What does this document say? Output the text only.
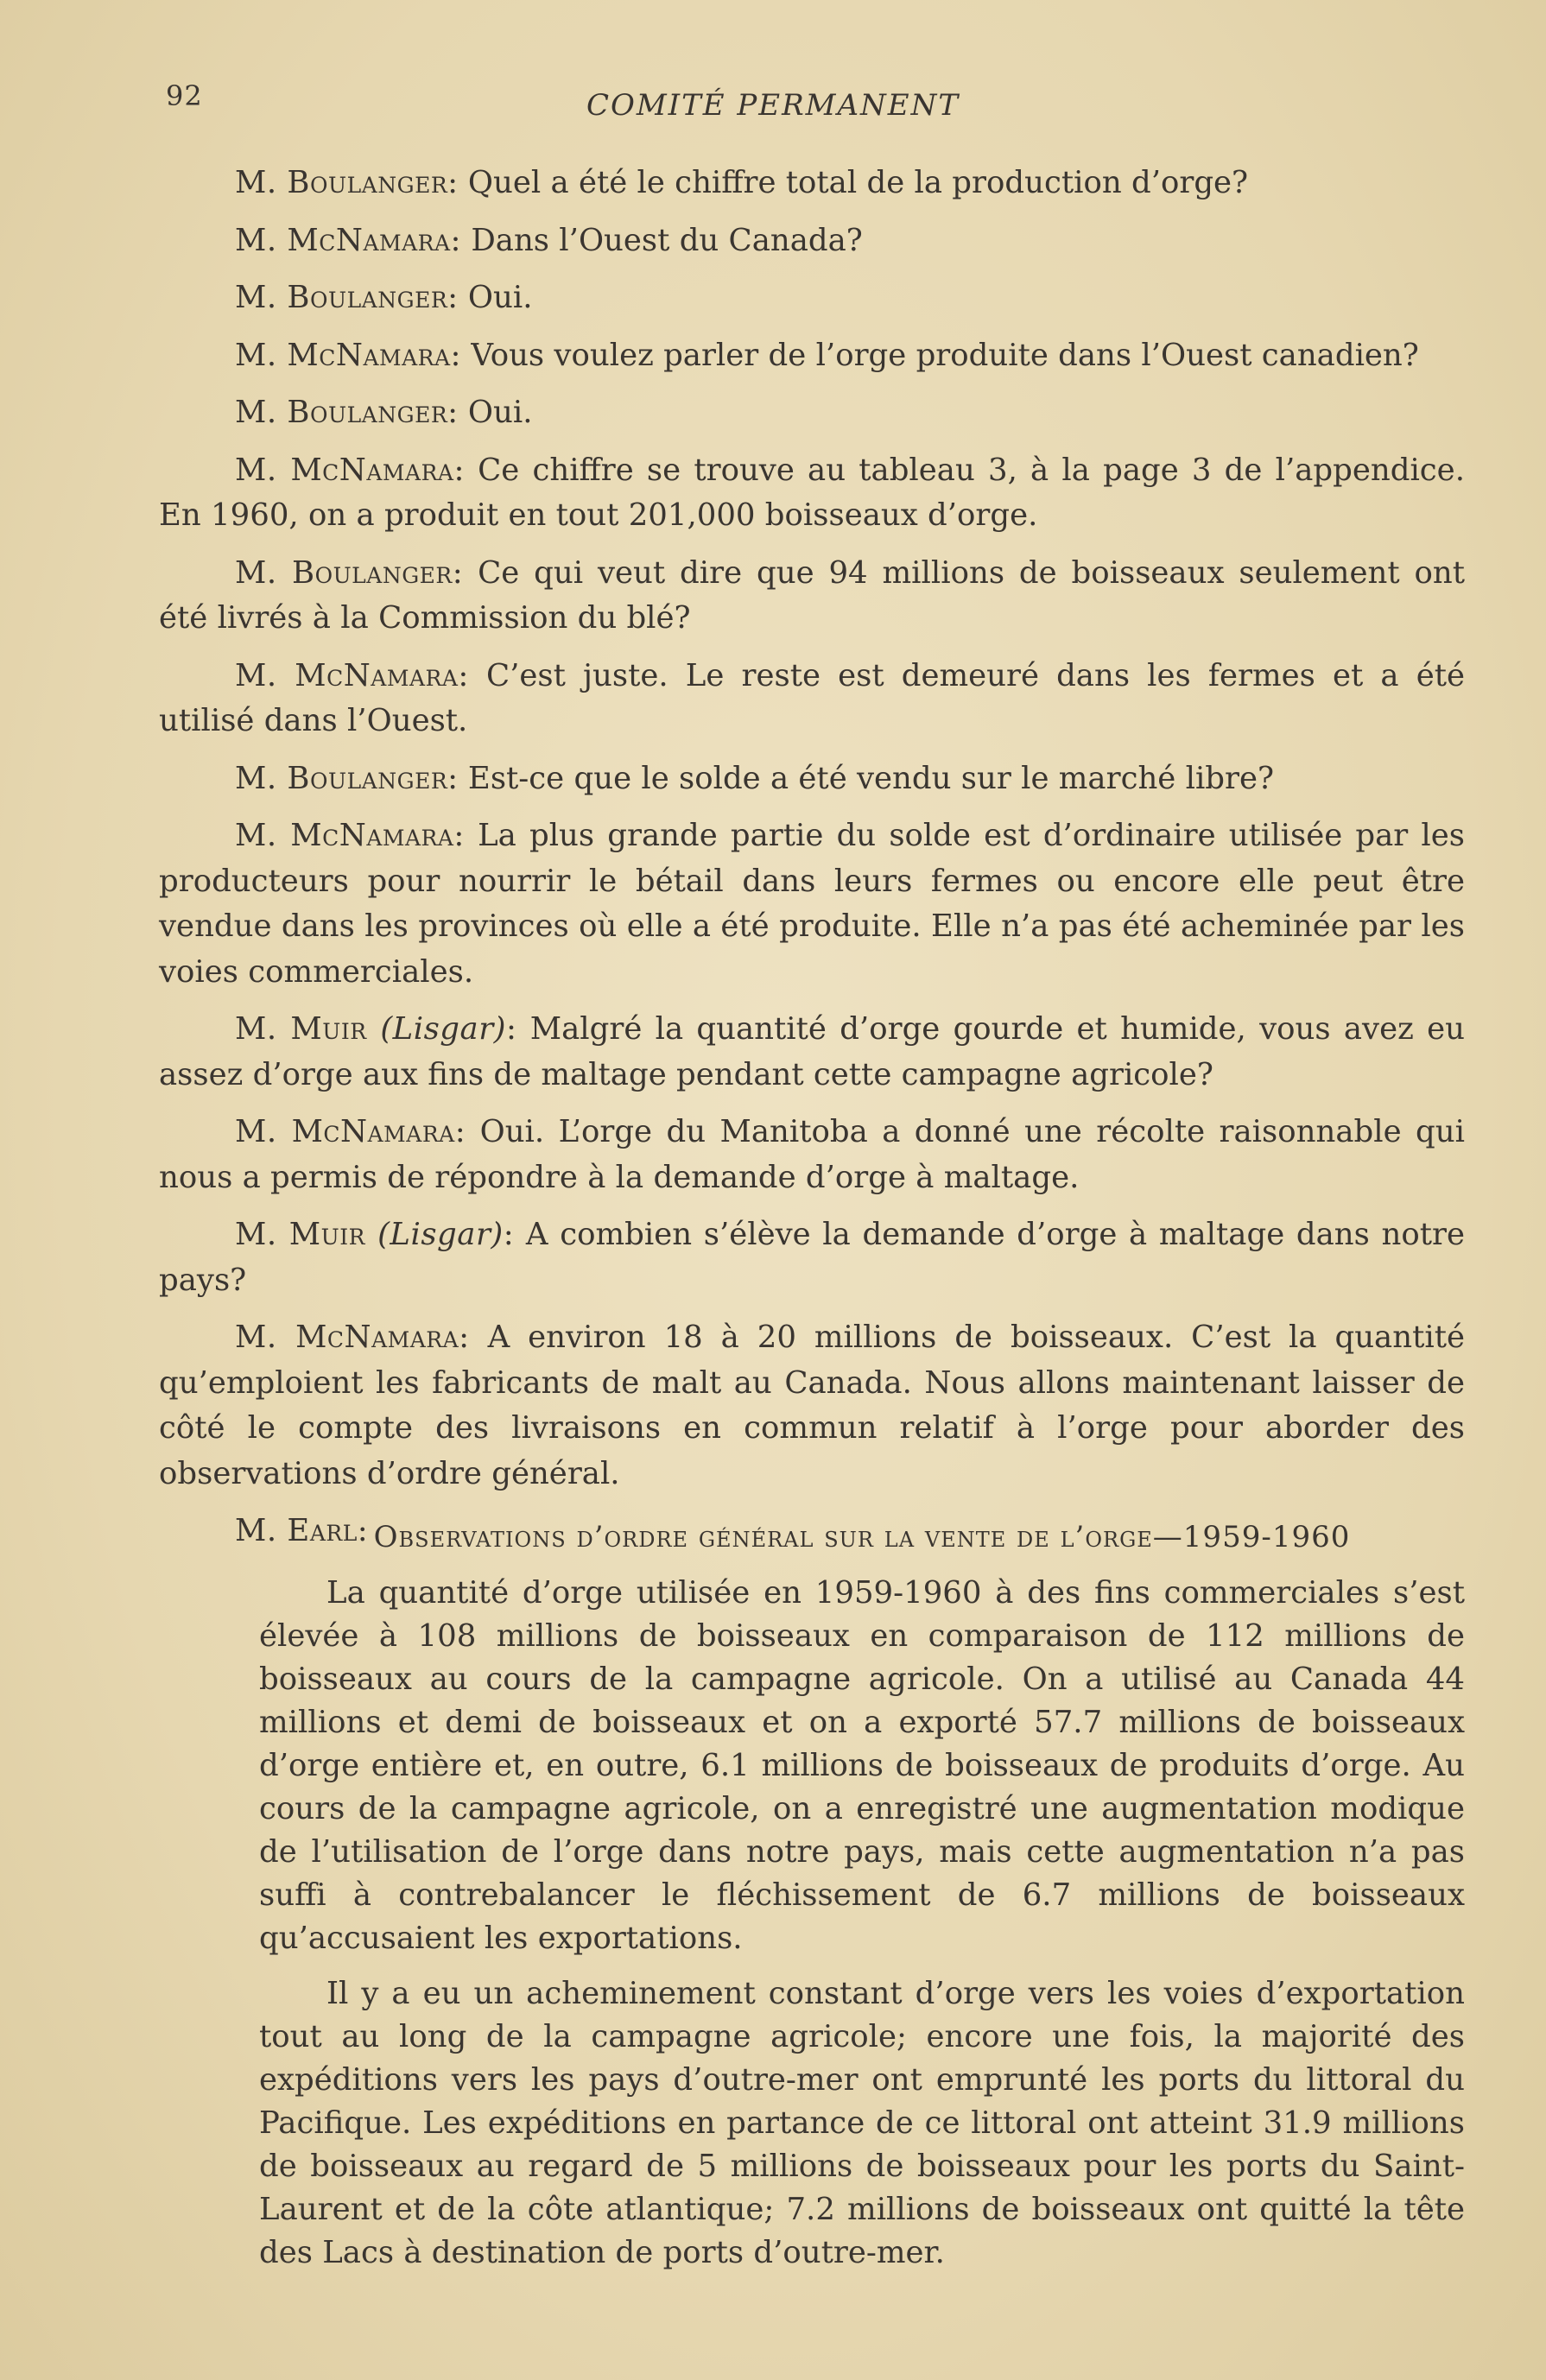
92	COMITÉ PERMANENT

M. Boulanger: Quel a été le chiffre total de la production d’orge?

M. McNamara: Dans l’Ouest du Canada?

M. Boulanger: Oui.

M. McNamara: Vous voulez parler de l’orge produite dans l’Ouest canadien?

M. Boulanger: Oui.

M. McNamara: Ce chiffre se trouve au tableau 3, à la page 3 de l’appendice. En 1960, on a produit en tout 201,000 boisseaux d’orge.

M. Boulanger: Ce qui veut dire que 94 millions de boisseaux seulement ont été livrés à la Commission du blé?

M. McNamara: C’est juste. Le reste est demeuré dans les fermes et a été utilisé dans l’Ouest.

M. Boulanger: Est-ce que le solde a été vendu sur le marché libre?

M. McNamara: La plus grande partie du solde est d’ordinaire utilisée par les producteurs pour nourrir le bétail dans leurs fermes ou encore elle peut être vendue dans les provinces où elle a été produite. Elle n’a pas été acheminée par les voies commerciales.

M. Muir (Lisgar): Malgré la quantité d’orge gourde et humide, vous avez eu assez d’orge aux fins de maltage pendant cette campagne agricole?

M. McNamara: Oui. L’orge du Manitoba a donné une récolte raisonnable qui nous a permis de répondre à la demande d’orge à maltage.

M. Muir (Lisgar): A combien s’élève la demande d’orge à maltage dans notre pays?

M. McNamara: A environ 18 à 20 millions de boisseaux. C’est la quantité qu’emploient les fabricants de malt au Canada. Nous allons maintenant laisser de côté le compte des livraisons en commun relatif à l’orge pour aborder des observations d’ordre général.

M. Earl: Observations d’ordre général sur la vente de l’orge—1959-1960

La quantité d’orge utilisée en 1959-1960 à des fins commerciales s’est élevée à 108 millions de boisseaux en comparaison de 112 millions de boisseaux au cours de la campagne agricole. On a utilisé au Canada 44 millions et demi de boisseaux et on a exporté 57.7 millions de boisseaux d’orge entière et, en outre, 6.1 millions de boisseaux de produits d’orge. Au cours de la campagne agricole, on a enregistré une augmentation modique de l’utilisation de l’orge dans notre pays, mais cette augmentation n’a pas suffi à contrebalancer le fléchissement de 6.7 millions de boisseaux qu’accusaient les exportations.

Il y a eu un acheminement constant d’orge vers les voies d’exportation tout au long de la campagne agricole; encore une fois, la majorité des expéditions vers les pays d’outre-mer ont emprunté les ports du littoral du Pacifique. Les expéditions en partance de ce littoral ont atteint 31.9 millions de boisseaux au regard de 5 millions de boisseaux pour les ports du Saint-Laurent et de la côte atlantique; 7.2 millions de boisseaux ont quitté la tête des Lacs à destination de ports d’outre-mer.
